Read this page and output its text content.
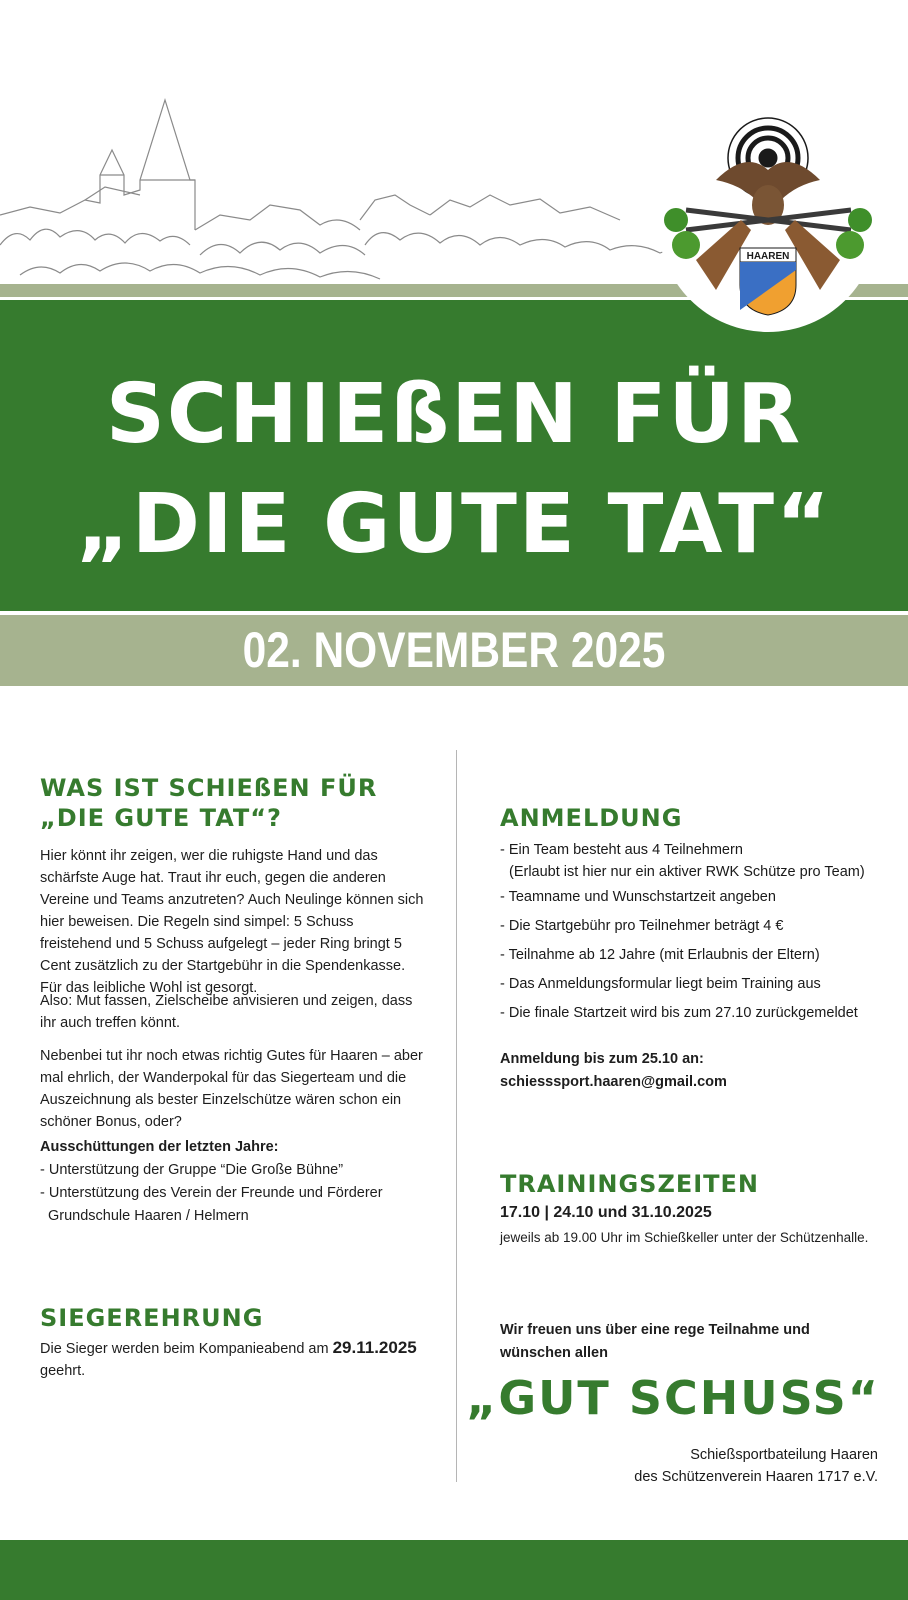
HAAREN
SCHIEßEN FÜR
„DIE GUTE TAT“
02. NOVEMBER 2025
WAS IST SCHIEßEN FÜR
„DIE GUTE TAT“?

Hier könnt ihr zeigen, wer die ruhigste Hand und das schärfste Auge hat. Traut ihr euch, gegen die anderen Vereine und Teams anzutreten? Auch Neulinge können sich hier beweisen. Die Regeln sind simpel: 5 Schuss freistehend und 5 Schuss aufgelegt – jeder Ring bringt 5 Cent zusätzlich zu der Startgebühr in die Spendenkasse. Für das leibliche Wohl ist gesorgt.

Also: Mut fassen, Zielscheibe anvisieren und zeigen, dass ihr auch treffen könnt.

Nebenbei tut ihr noch etwas richtig Gutes für Haaren – aber mal ehrlich, der Wanderpokal für das Siegerteam und die Auszeichnung als bester Einzelschütze wären schon ein schöner Bonus, oder?

Ausschüttungen der letzten Jahre:

- Unterstützung der Gruppe “Die Große Bühne”

- Unterstützung des Verein der Freunde und Förderer

Grundschule Haaren / Helmern

SIEGEREHRUNG

Die Sieger werden beim Kompanieabend am 29.11.2025
geehrt.

ANMELDUNG
- Ein Team besteht aus 4 Teilnehmern
(Erlaubt ist hier nur ein aktiver RWK Schütze pro Team)
- Teamname und Wunschstartzeit angeben
- Die Startgebühr pro Teilnehmer beträgt 4 €
- Teilnahme ab 12 Jahre (mit Erlaubnis der Eltern)
- Das Anmeldungsformular liegt beim Training aus
- Die finale Startzeit wird bis zum 27.10 zurückgemeldet

Anmeldung bis zum 25.10 an:

schiesssport.haaren@gmail.com

TRAININGSZEITEN

17.10 | 24.10 und 31.10.2025

jeweils ab 19.00 Uhr im Schießkeller unter der Schützenhalle.

Wir freuen uns über eine rege Teilnahme und

wünschen allen

„GUT SCHUSS“
Schießsportbateilung Haaren
des Schützenverein Haaren 1717 e.V.
